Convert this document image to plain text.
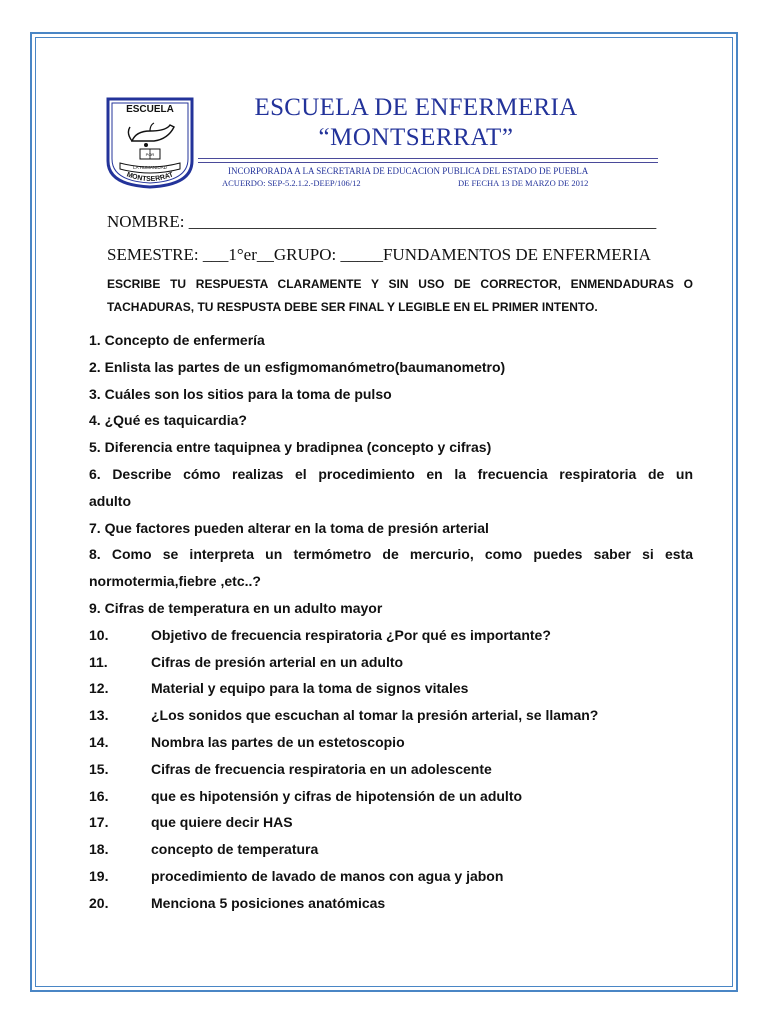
ESCUELA
POR
LA HUMANIDAD
MONTSERRAT
ESCUELA DE ENFERMERIA
“MONTSERRAT”
INCORPORADA A LA SECRETARIA DE EDUCACION PUBLICA DEL ESTADO DE PUEBLA
ACUERDO: SEP-5.2.1.2.-DEEP/106/12	DE FECHA 13 DE MARZO DE 2012
NOMBRE: _______________________________________________________
SEMESTRE: ___1°er__GRUPO: _____FUNDAMENTOS DE ENFERMERIA
ESCRIBE TU RESPUESTA CLARAMENTE Y SIN USO DE CORRECTOR, ENMENDADURAS O
TACHADURAS, TU RESPUSTA DEBE SER FINAL Y LEGIBLE EN EL PRIMER INTENTO.
1. Concepto de enfermería
2. Enlista las partes de un esfigmomanómetro(baumanometro)
3. Cuáles son los sitios para la toma de pulso
4. ¿Qué es taquicardia?
5. Diferencia entre taquipnea y bradipnea (concepto y cifras)
6. Describe cómo realizas el procedimiento en la frecuencia respiratoria de un
adulto
7. Que factores pueden alterar en la toma de presión arterial
8. Como se interpreta un termómetro de mercurio, como puedes saber si esta
normotermia,fiebre ,etc..?
9. Cifras de temperatura en un adulto mayor
10.	Objetivo de frecuencia respiratoria ¿Por qué es importante?
11.	Cifras de presión arterial en un adulto
12.	Material y equipo para la toma de signos vitales
13.	¿Los sonidos que escuchan al tomar la presión arterial, se llaman?
14.	Nombra las partes de un estetoscopio
15.	Cifras de frecuencia respiratoria en un adolescente
16.	que es hipotensión y cifras de hipotensión de un adulto
17.	que quiere decir HAS
18.	concepto de temperatura
19.	procedimiento de lavado de manos con agua y jabon
20.	Menciona 5 posiciones anatómicas
